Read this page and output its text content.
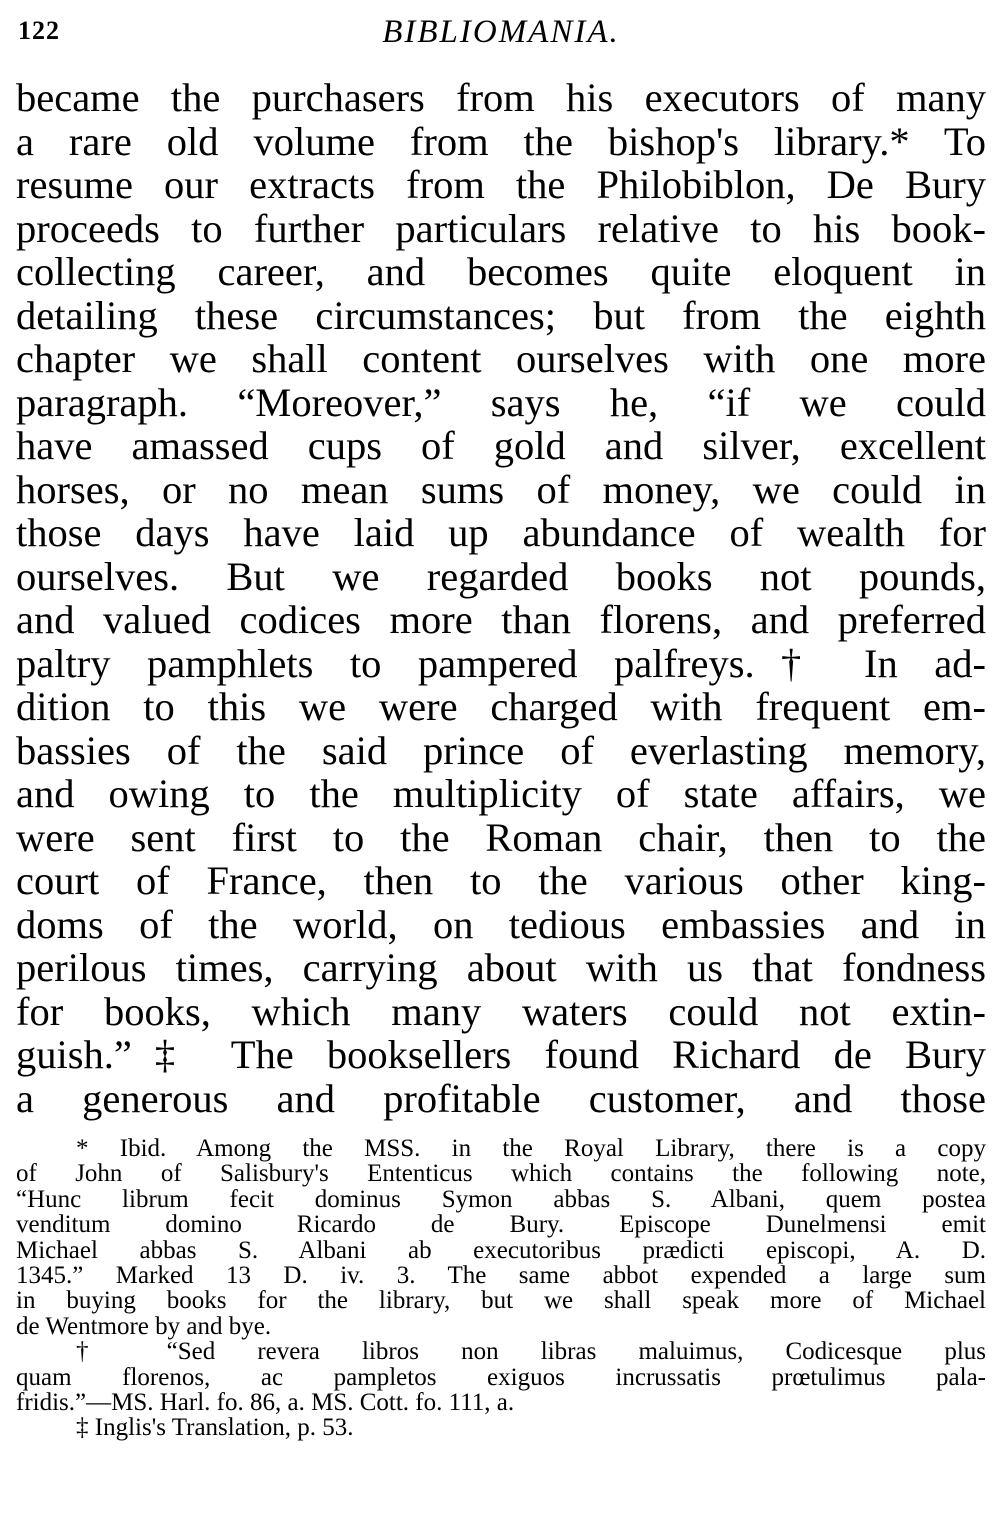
122	BIBLIOMANIA.
became the purchasers from his executors of many
a rare old volume from the bishop's library.* To
resume our extracts from the Philobiblon, De Bury
proceeds to further particulars relative to his book-
collecting career, and becomes quite eloquent in
detailing these circumstances; but from the eighth
chapter we shall content ourselves with one more
paragraph. “Moreover,” says he, “if we could
have amassed cups of gold and silver, excellent
horses, or no mean sums of money, we could in
those days have laid up abundance of wealth for
ourselves. But we regarded books not pounds,
and valued codices more than florens, and preferred
paltry pamphlets to pampered palfreys.† In ad-
dition to this we were charged with frequent em-
bassies of the said prince of everlasting memory,
and owing to the multiplicity of state affairs, we
were sent first to the Roman chair, then to the
court of France, then to the various other king-
doms of the world, on tedious embassies and in
perilous times, carrying about with us that fondness
for books, which many waters could not extin-
guish.”‡ The booksellers found Richard de Bury
a generous and profitable customer, and those
* Ibid. Among the MSS. in the Royal Library, there is a copy
of John of Salisbury's Ententicus which contains the following note,
“Hunc librum fecit dominus Symon abbas S. Albani, quem postea
venditum domino Ricardo de Bury. Episcope Dunelmensi emit
Michael abbas S. Albani ab executoribus prædicti episcopi, A. D.
1345.” Marked 13 D. iv. 3. The same abbot expended a large sum
in buying books for the library, but we shall speak more of Michael
de Wentmore by and bye.
† “Sed revera libros non libras maluimus, Codicesque plus
quam florenos, ac pampletos exiguos incrussatis prœtulimus pala-
fridis.”—MS. Harl. fo. 86, a. MS. Cott. fo. 111, a.
‡ Inglis's Translation, p. 53.
